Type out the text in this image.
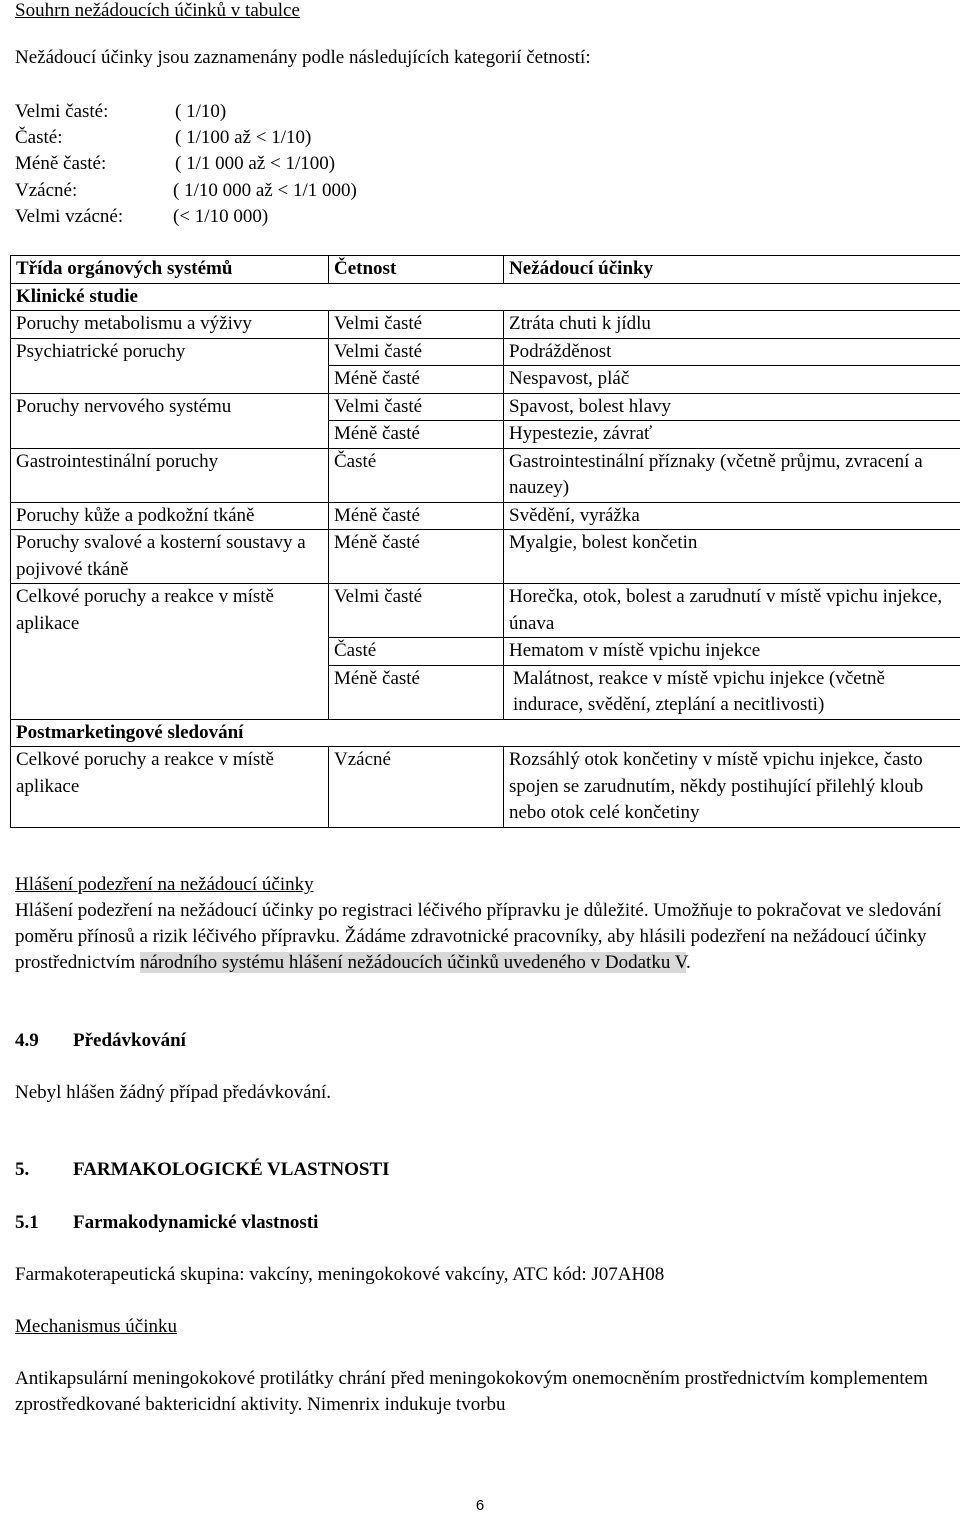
Souhrn nežádoucích účinků v tabulce
Nežádoucí účinky jsou zaznamenány podle následujících kategorií četností:
Velmi časté:	( 1/10)
Časté:	( 1/100 až < 1/10)
Méně časté:	( 1/1 000 až < 1/100)
Vzácné:	( 1/10 000 až < 1/1 000)
Velmi vzácné:	(< 1/10 000)
Třída orgánových systémů	Četnost	Nežádoucí účinky
Klinické studie		
Poruchy metabolismu a výživy	Velmi časté	Ztráta chuti k jídlu
Psychiatrické poruchy	Velmi časté	Podrážděnost
	Méně časté	Nespavost, pláč
Poruchy nervového systému	Velmi časté	Spavost, bolest hlavy
	Méně časté	Hypestezie, závrať
Gastrointestinální poruchy	Časté	Gastrointestinální příznaky (včetně průjmu, zvracení a nauzey)
Poruchy kůže a podkožní tkáně	Méně časté	Svědění, vyrážka
Poruchy svalové a kosterní soustavy a pojivové tkáně	Méně časté	Myalgie, bolest končetin
Celkové poruchy a reakce v místě aplikace	Velmi časté	Horečka, otok, bolest a zarudnutí v místě vpichu injekce, únava
	Časté	Hematom v místě vpichu injekce
	Méně časté	Malátnost, reakce v místě vpichu injekce (včetně indurace, svědění, zteplání a necitlivosti)
Postmarketingové sledování		
Celkové poruchy a reakce v místě aplikace	Vzácné	Rozsáhlý otok končetiny v místě vpichu injekce, často spojen se zarudnutím, někdy postihující přilehlý kloub nebo otok celé končetiny
Hlášení podezření na nežádoucí účinky
Hlášení podezření na nežádoucí účinky po registraci léčivého přípravku je důležité. Umožňuje to pokračovat ve sledování poměru přínosů a rizik léčivého přípravku. Žádáme zdravotnické pracovníky, aby hlásili podezření na nežádoucí účinky prostřednictvím národního systému hlášení nežádoucích účinků uvedeného v Dodatku V.
4.9 Předávkování
Nebyl hlášen žádný případ předávkování.
5. FARMAKOLOGICKÉ VLASTNOSTI
5.1 Farmakodynamické vlastnosti
Farmakoterapeutická skupina: vakcíny, meningokokové vakcíny, ATC kód: J07AH08
Mechanismus účinku
Antikapsulární meningokokové protilátky chrání před meningokokovým onemocněním prostřednictvím komplementem zprostředkované baktericidní aktivity. Nimenrix indukuje tvorbu
6
